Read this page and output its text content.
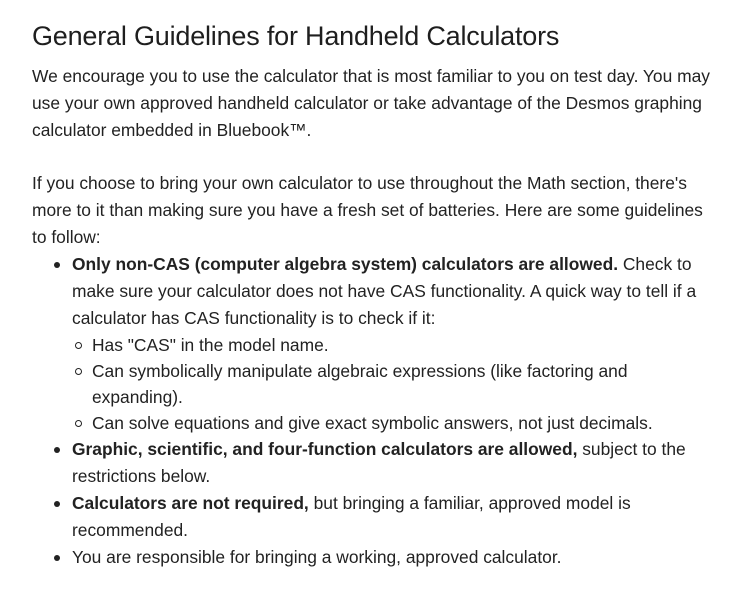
General Guidelines for Handheld Calculators

We encourage you to use the calculator that is most familiar to you on test day. You may use your own approved handheld calculator or take advantage of the Desmos graphing calculator embedded in Bluebook™.

If you choose to bring your own calculator to use throughout the Math section, there's more to it than making sure you have a fresh set of batteries. Here are some guidelines to follow:

Only non-CAS (computer algebra system) calculators are allowed. Check to make sure your calculator does not have CAS functionality. A quick way to tell if a calculator has CAS functionality is to check if it:
Has "CAS" in the model name.
Can symbolically manipulate algebraic expressions (like factoring and expanding).
Can solve equations and give exact symbolic answers, not just decimals.
Graphic, scientific, and four-function calculators are allowed, subject to the restrictions below.
Calculators are not required, but bringing a familiar, approved model is recommended.
You are responsible for bringing a working, approved calculator.
